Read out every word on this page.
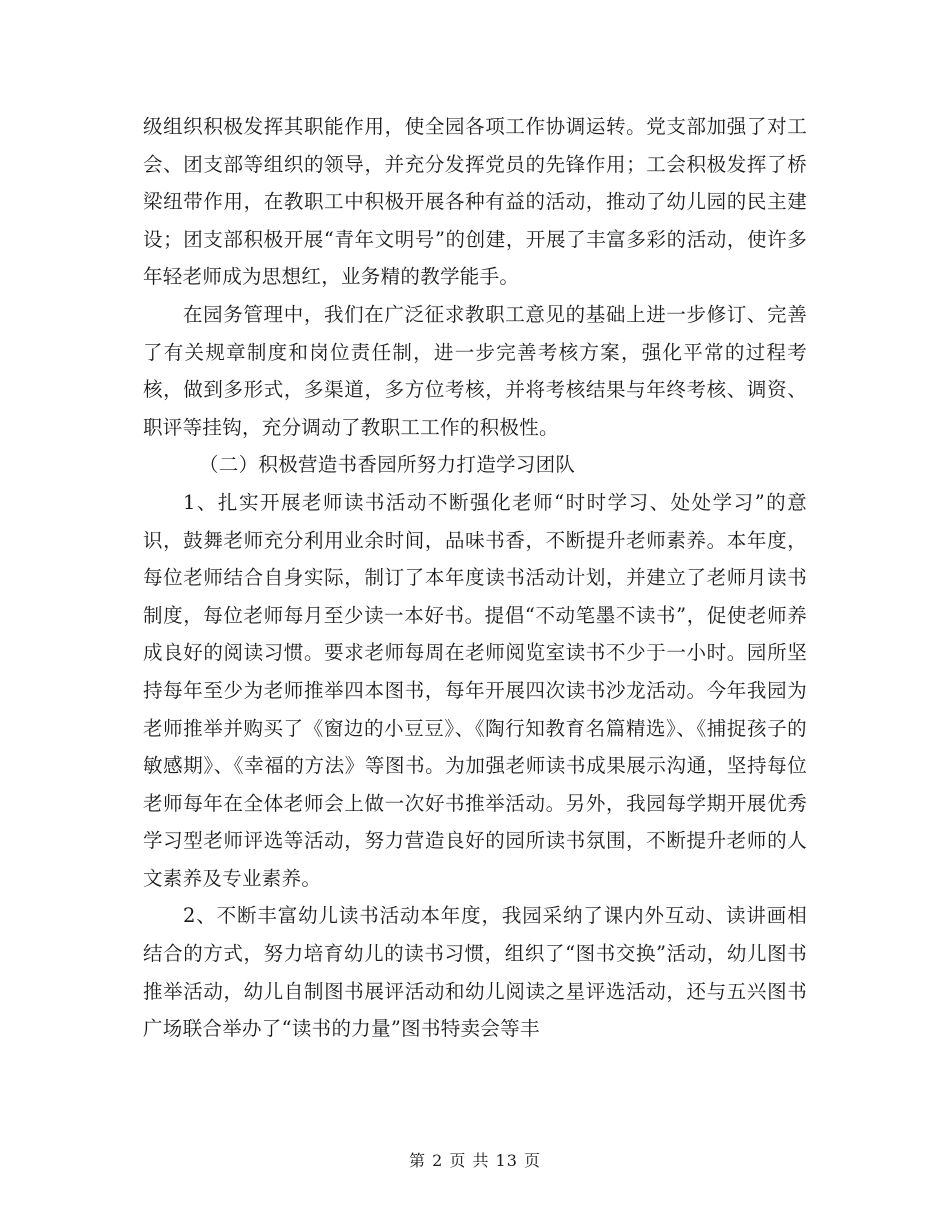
级组织积极发挥其职能作用，使全园各项工作协调运转。党支部加强了对工会、团支部等组织的领导，并充分发挥党员的先锋作用；工会积极发挥了桥梁纽带作用，在教职工中积极开展各种有益的活动，推动了幼儿园的民主建设；团支部积极开展“青年文明号”的创建，开展了丰富多彩的活动，使许多年轻老师成为思想红，业务精的教学能手。

在园务管理中，我们在广泛征求教职工意见的基础上进一步修订、完善了有关规章制度和岗位责任制，进一步完善考核方案，强化平常的过程考核，做到多形式，多渠道，多方位考核，并将考核结果与年终考核、调资、职评等挂钩，充分调动了教职工工作的积极性。

（二）积极营造书香园所努力打造学习团队

1、扎实开展老师读书活动不断强化老师“时时学习、处处学习”的意识，鼓舞老师充分利用业余时间，品味书香，不断提升老师素养。本年度，每位老师结合自身实际，制订了本年度读书活动计划，并建立了老师月读书制度，每位老师每月至少读一本好书。提倡“不动笔墨不读书”，促使老师养成良好的阅读习惯。要求老师每周在老师阅览室读书不少于一小时。园所坚持每年至少为老师推举四本图书，每年开展四次读书沙龙活动。今年我园为老师推举并购买了《窗边的小豆豆》、《陶行知教育名篇精选》、《捕捉孩子的敏感期》、《幸福的方法》等图书。为加强老师读书成果展示沟通，坚持每位老师每年在全体老师会上做一次好书推举活动。另外，我园每学期开展优秀学习型老师评选等活动，努力营造良好的园所读书氛围，不断提升老师的人文素养及专业素养。

2、不断丰富幼儿读书活动本年度，我园采纳了课内外互动、读讲画相结合的方式，努力培育幼儿的读书习惯，组织了“图书交换”活动，幼儿图书推举活动，幼儿自制图书展评活动和幼儿阅读之星评选活动，还与五兴图书广场联合举办了“读书的力量”图书特卖会等丰

第 2 页 共 13 页
